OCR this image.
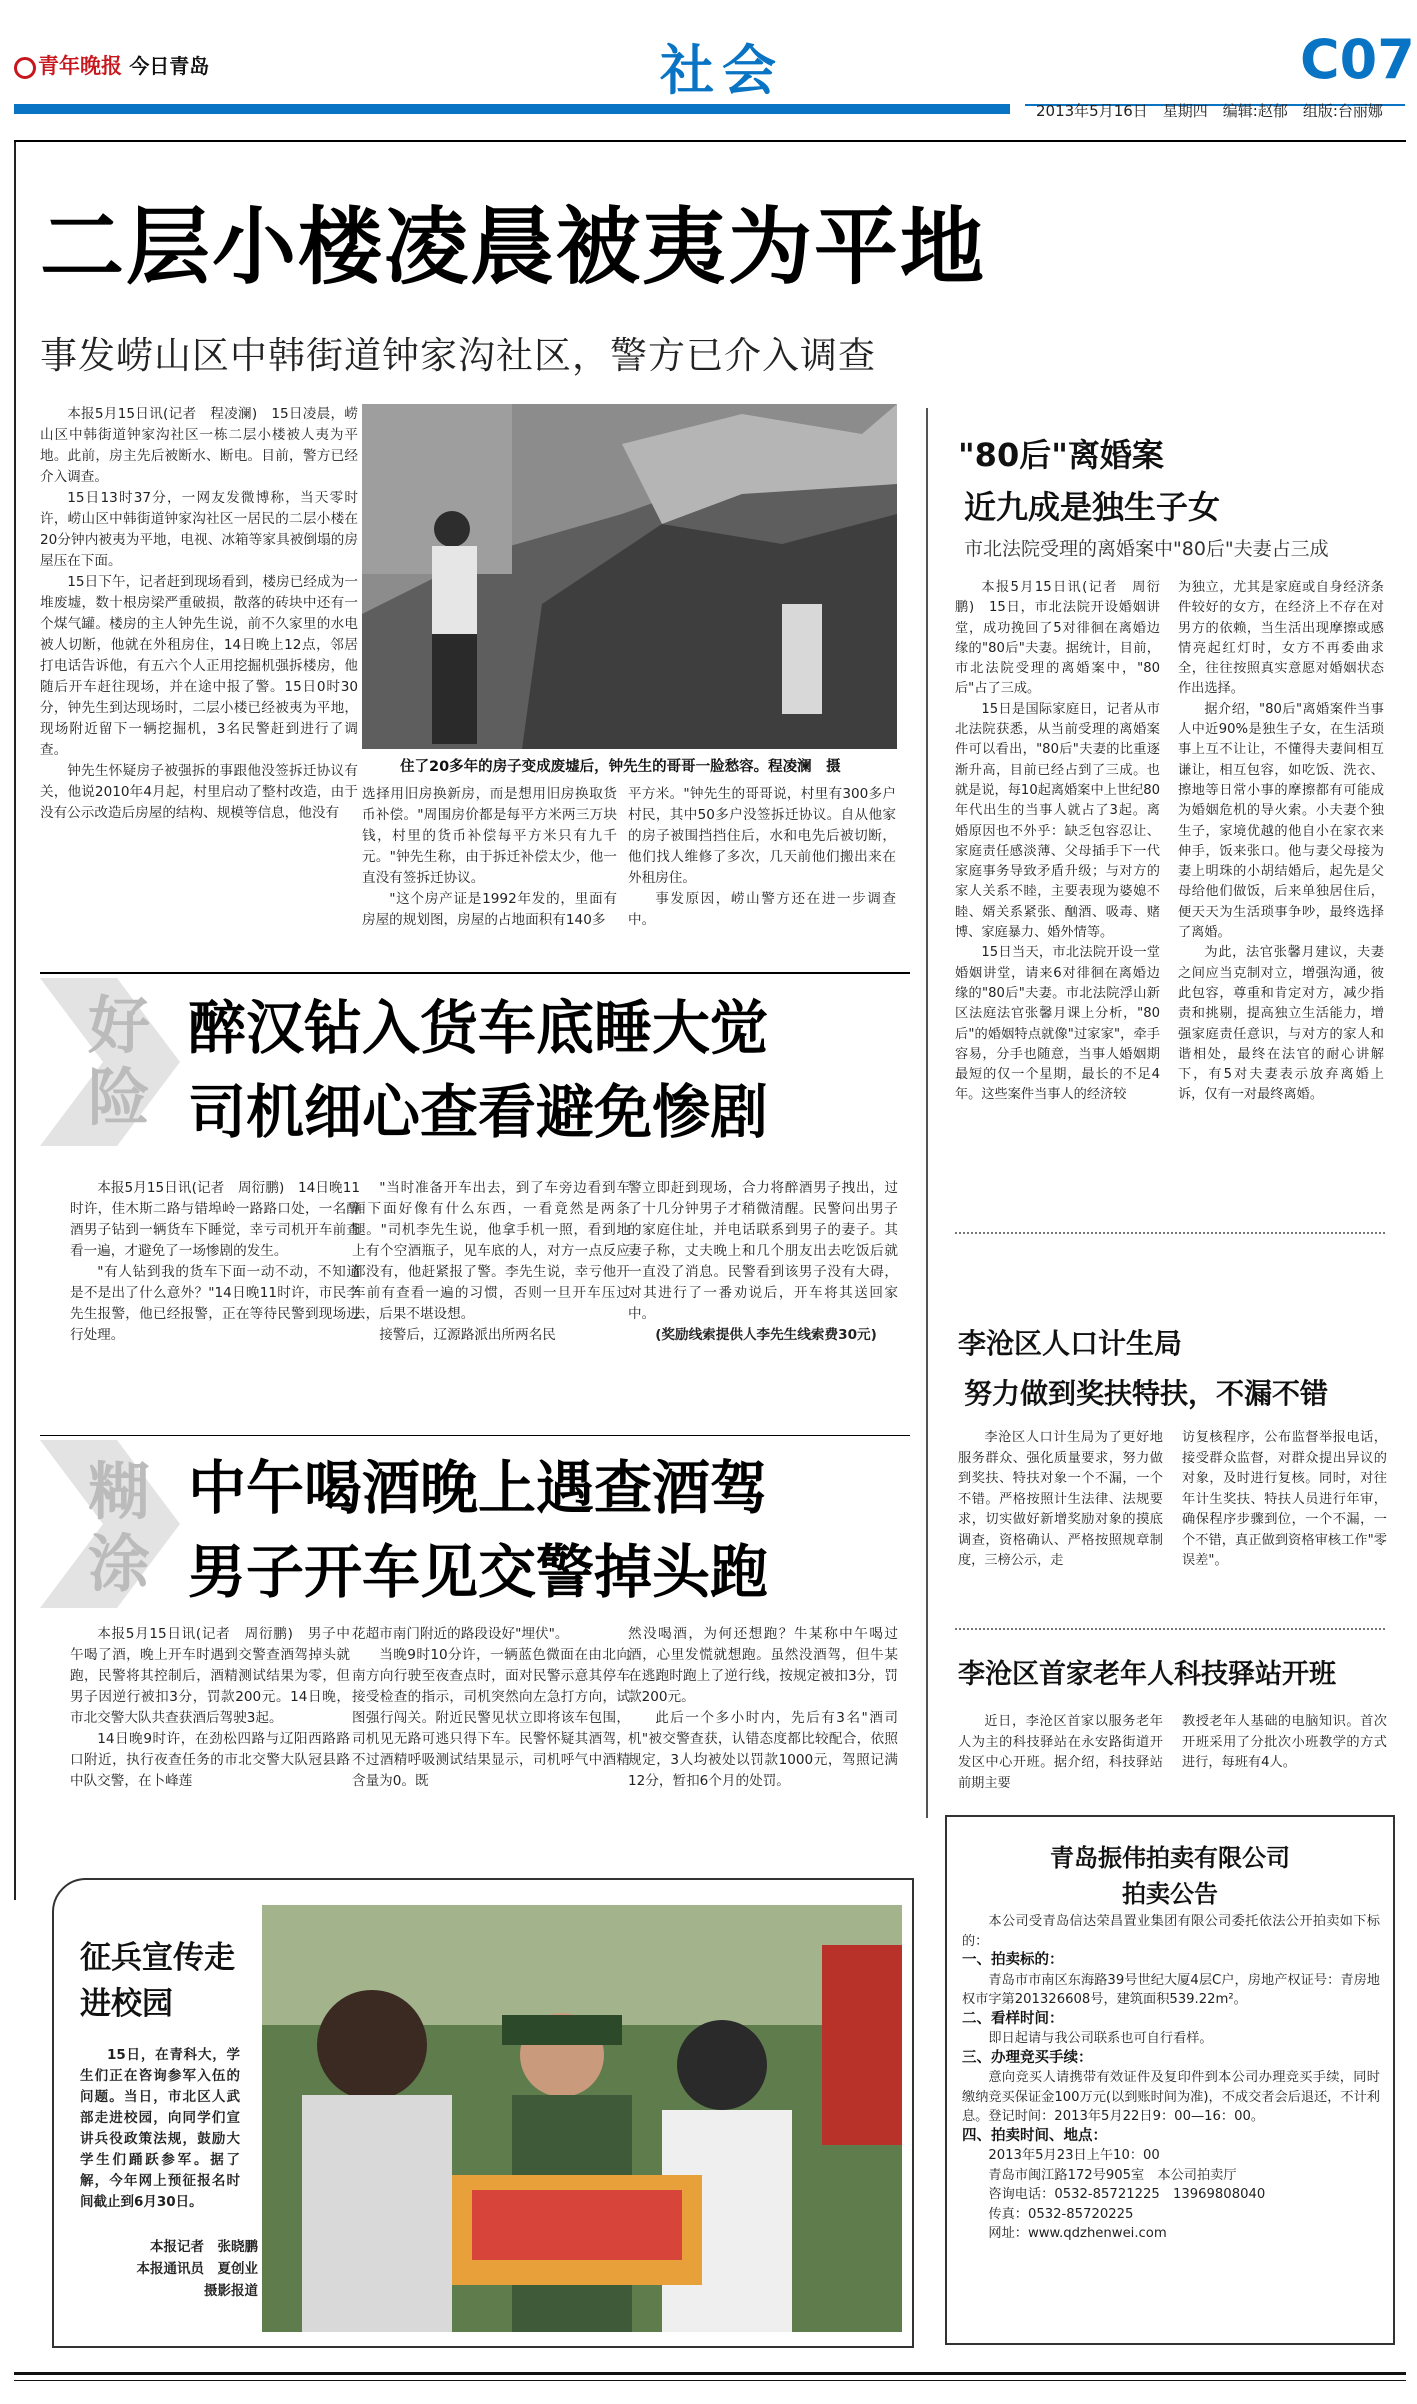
青年晚报 今日青岛	社会	C07
2013年5月16日　星期四　编辑:赵郁　组版:台丽娜
二层小楼凌晨被夷为平地
事发崂山区中韩街道钟家沟社区，警方已介入调查

本报5月15日讯(记者　程凌澜)　15日凌晨，崂山区中韩街道钟家沟社区一栋二层小楼被人夷为平地。此前，房主先后被断水、断电。目前，警方已经介入调查。

15日13时37分，一网友发微博称，当天零时许，崂山区中韩街道钟家沟社区一居民的二层小楼在20分钟内被夷为平地，电视、冰箱等家具被倒塌的房屋压在下面。

15日下午，记者赶到现场看到，楼房已经成为一堆废墟，数十根房梁严重破损，散落的砖块中还有一个煤气罐。楼房的主人钟先生说，前不久家里的水电被人切断，他就在外租房住，14日晚上12点，邻居打电话告诉他，有五六个人正用挖掘机强拆楼房，他随后开车赶往现场，并在途中报了警。15日0时30分，钟先生到达现场时，二层小楼已经被夷为平地，现场附近留下一辆挖掘机，3名民警赶到进行了调查。

钟先生怀疑房子被强拆的事跟他没签拆迁协议有关，他说2010年4月起，村里启动了整村改造，由于没有公示改造后房屋的结构、规模等信息，他没有

住了20多年的房子变成废墟后，钟先生的哥哥一脸愁容。程凌澜　摄

选择用旧房换新房，而是想用旧房换取货币补偿。"周围房价都是每平方米两三万块钱，村里的货币补偿每平方米只有九千元。"钟先生称，由于拆迁补偿太少，他一直没有签拆迁协议。

"这个房产证是1992年发的，里面有房屋的规划图，房屋的占地面积有140多

平方米。"钟先生的哥哥说，村里有300多户村民，其中50多户没签拆迁协议。自从他家的房子被围挡挡住后，水和电先后被切断，他们找人维修了多次，几天前他们搬出来在外租房住。

事发原因，崂山警方还在进一步调查中。

好险
醉汉钻入货车底睡大觉
司机细心查看避免惨剧

本报5月15日讯(记者　周衍鹏)　14日晚11时许，佳木斯二路与错埠岭一路路口处，一名醉酒男子钻到一辆货车下睡觉，幸亏司机开车前查看一遍，才避免了一场惨剧的发生。

"有人钻到我的货车下面一动不动，不知道是不是出了什么意外？"14日晚11时许，市民李先生报警，他已经报警，正在等待民警到现场进行处理。

"当时准备开车出去，到了车旁边看到车厢下面好像有什么东西，一看竟然是两条腿。"司机李先生说，他拿手机一照，看到地上有个空酒瓶子，见车底的人，对方一点反应都没有，他赶紧报了警。李先生说，幸亏他开车前有查看一遍的习惯，否则一旦开车压过去，后果不堪设想。

接警后，辽源路派出所两名民

警立即赶到现场，合力将醉酒男子拽出，过了十几分钟男子才稍微清醒。民警问出男子的家庭住址，并电话联系到男子的妻子。其妻子称，丈夫晚上和几个朋友出去吃饭后就一直没了消息。民警看到该男子没有大碍，对其进行了一番劝说后，开车将其送回家中。

(奖励线索提供人李先生线索费30元)

糊涂
中午喝酒晚上遇查酒驾
男子开车见交警掉头跑

本报5月15日讯(记者　周衍鹏)　男子中午喝了酒，晚上开车时遇到交警查酒驾掉头就跑，民警将其控制后，酒精测试结果为零，但男子因逆行被扣3分，罚款200元。14日晚，市北交警大队共查获酒后驾驶3起。

14日晚9时许，在劲松四路与辽阳西路路口附近，执行夜查任务的市北交警大队冠县路中队交警，在卜峰莲

花超市南门附近的路段设好"埋伏"。

当晚9时10分许，一辆蓝色微面在由北向南方向行驶至夜查点时，面对民警示意其停车接受检查的指示，司机突然向左急打方向，试图强行闯关。附近民警见状立即将该车包围，司机见无路可逃只得下车。民警怀疑其酒驾，不过酒精呼吸测试结果显示，司机呼气中酒精含量为0。既

然没喝酒，为何还想跑？牛某称中午喝过酒，心里发慌就想跑。虽然没酒驾，但牛某在逃跑时跑上了逆行线，按规定被扣3分，罚款200元。

此后一个多小时内，先后有3名"酒司机"被交警查获，认错态度都比较配合，依照规定，3人均被处以罚款1000元，驾照记满12分，暂扣6个月的处罚。

征兵宣传走进校园

15日，在青科大，学生们正在咨询参军入伍的问题。当日，市北区人武部走进校园，向同学们宣讲兵役政策法规，鼓励大学生们踊跃参军。据了解，今年网上预征报名时间截止到6月30日。

本报记者　张晓鹏
本报通讯员　夏创业
摄影报道
"80后"离婚案
近九成是独生子女
市北法院受理的离婚案中"80后"夫妻占三成

本报5月15日讯(记者　周衍鹏)　15日，市北法院开设婚姻讲堂，成功挽回了5对徘徊在离婚边缘的"80后"夫妻。据统计，目前，市北法院受理的离婚案中，"80后"占了三成。

15日是国际家庭日，记者从市北法院获悉，从当前受理的离婚案件可以看出，"80后"夫妻的比重逐渐升高，目前已经占到了三成。也就是说，每10起离婚案中上世纪80年代出生的当事人就占了3起。离婚原因也不外乎：缺乏包容忍让、家庭责任感淡薄、父母插手下一代家庭事务导致矛盾升级；与对方的家人关系不睦，主要表现为婆媳不睦、婿关系紧张、酗酒、吸毒、赌博、家庭暴力、婚外情等。

15日当天，市北法院开设一堂婚姻讲堂，请来6对徘徊在离婚边缘的"80后"夫妻。市北法院浮山新区法庭法官张馨月课上分析，"80后"的婚姻特点就像"过家家"，牵手容易，分手也随意，当事人婚姻期最短的仅一个星期，最长的不足4年。这些案件当事人的经济较

为独立，尤其是家庭或自身经济条件较好的女方，在经济上不存在对男方的依赖，当生活出现摩擦或感情亮起红灯时，女方不再委曲求全，往往按照真实意愿对婚姻状态作出选择。

据介绍，"80后"离婚案件当事人中近90%是独生子女，在生活琐事上互不让让，不懂得夫妻间相互谦让，相互包容，如吃饭、洗衣、擦地等日常小事的摩擦都有可能成为婚姻危机的导火索。小夫妻个独生子，家境优越的他自小在家衣来伸手，饭来张口。他与妻父母接为妻上明珠的小胡结婚后，起先是父母给他们做饭，后来单独居住后，便天天为生活琐事争吵，最终选择了离婚。

为此，法官张馨月建议，夫妻之间应当克制对立，增强沟通，彼此包容，尊重和肯定对方，减少指责和挑剔，提高独立生活能力，增强家庭责任意识，与对方的家人和谐相处，最终在法官的耐心讲解下，有5对夫妻表示放弃离婚上诉，仅有一对最终离婚。

李沧区人口计生局
努力做到奖扶特扶，不漏不错

李沧区人口计生局为了更好地服务群众、强化质量要求，努力做到奖扶、特扶对象一个不漏，一个不错。严格按照计生法律、法规要求，切实做好新增奖励对象的摸底调查，资格确认、严格按照规章制度，三榜公示，走

访复核程序，公布监督举报电话，接受群众监督，对群众提出异议的对象，及时进行复核。同时，对往年计生奖扶、特扶人员进行年审，确保程序步骤到位，一个不漏，一个不错，真正做到资格审核工作"零误差"。

李沧区首家老年人科技驿站开班

近日，李沧区首家以服务老年人为主的科技驿站在永安路街道开发区中心开班。据介绍，科技驿站前期主要

教授老年人基础的电脑知识。首次开班采用了分批次小班教学的方式进行，每班有4人。

青岛振伟拍卖有限公司
拍卖公告

本公司受青岛信达荣昌置业集团有限公司委托依法公开拍卖如下标的：

一、拍卖标的：

青岛市市南区东海路39号世纪大厦4层C户，房地产权证号：青房地权市字第201326608号，建筑面积539.22m²。

二、看样时间：

即日起请与我公司联系也可自行看样。

三、办理竞买手续：

意向竞买人请携带有效证件及复印件到本公司办理竞买手续，同时缴纳竞买保证金100万元(以到账时间为准)，不成交者会后退还，不计利息。登记时间：2013年5月22日9：00—16：00。

四、拍卖时间、地点：

2013年5月23日上午10：00

青岛市闽江路172号905室　本公司拍卖厅

咨询电话：0532-85721225　13969808040

传真：0532-85720225

网址：www.qdzhenwei.com
